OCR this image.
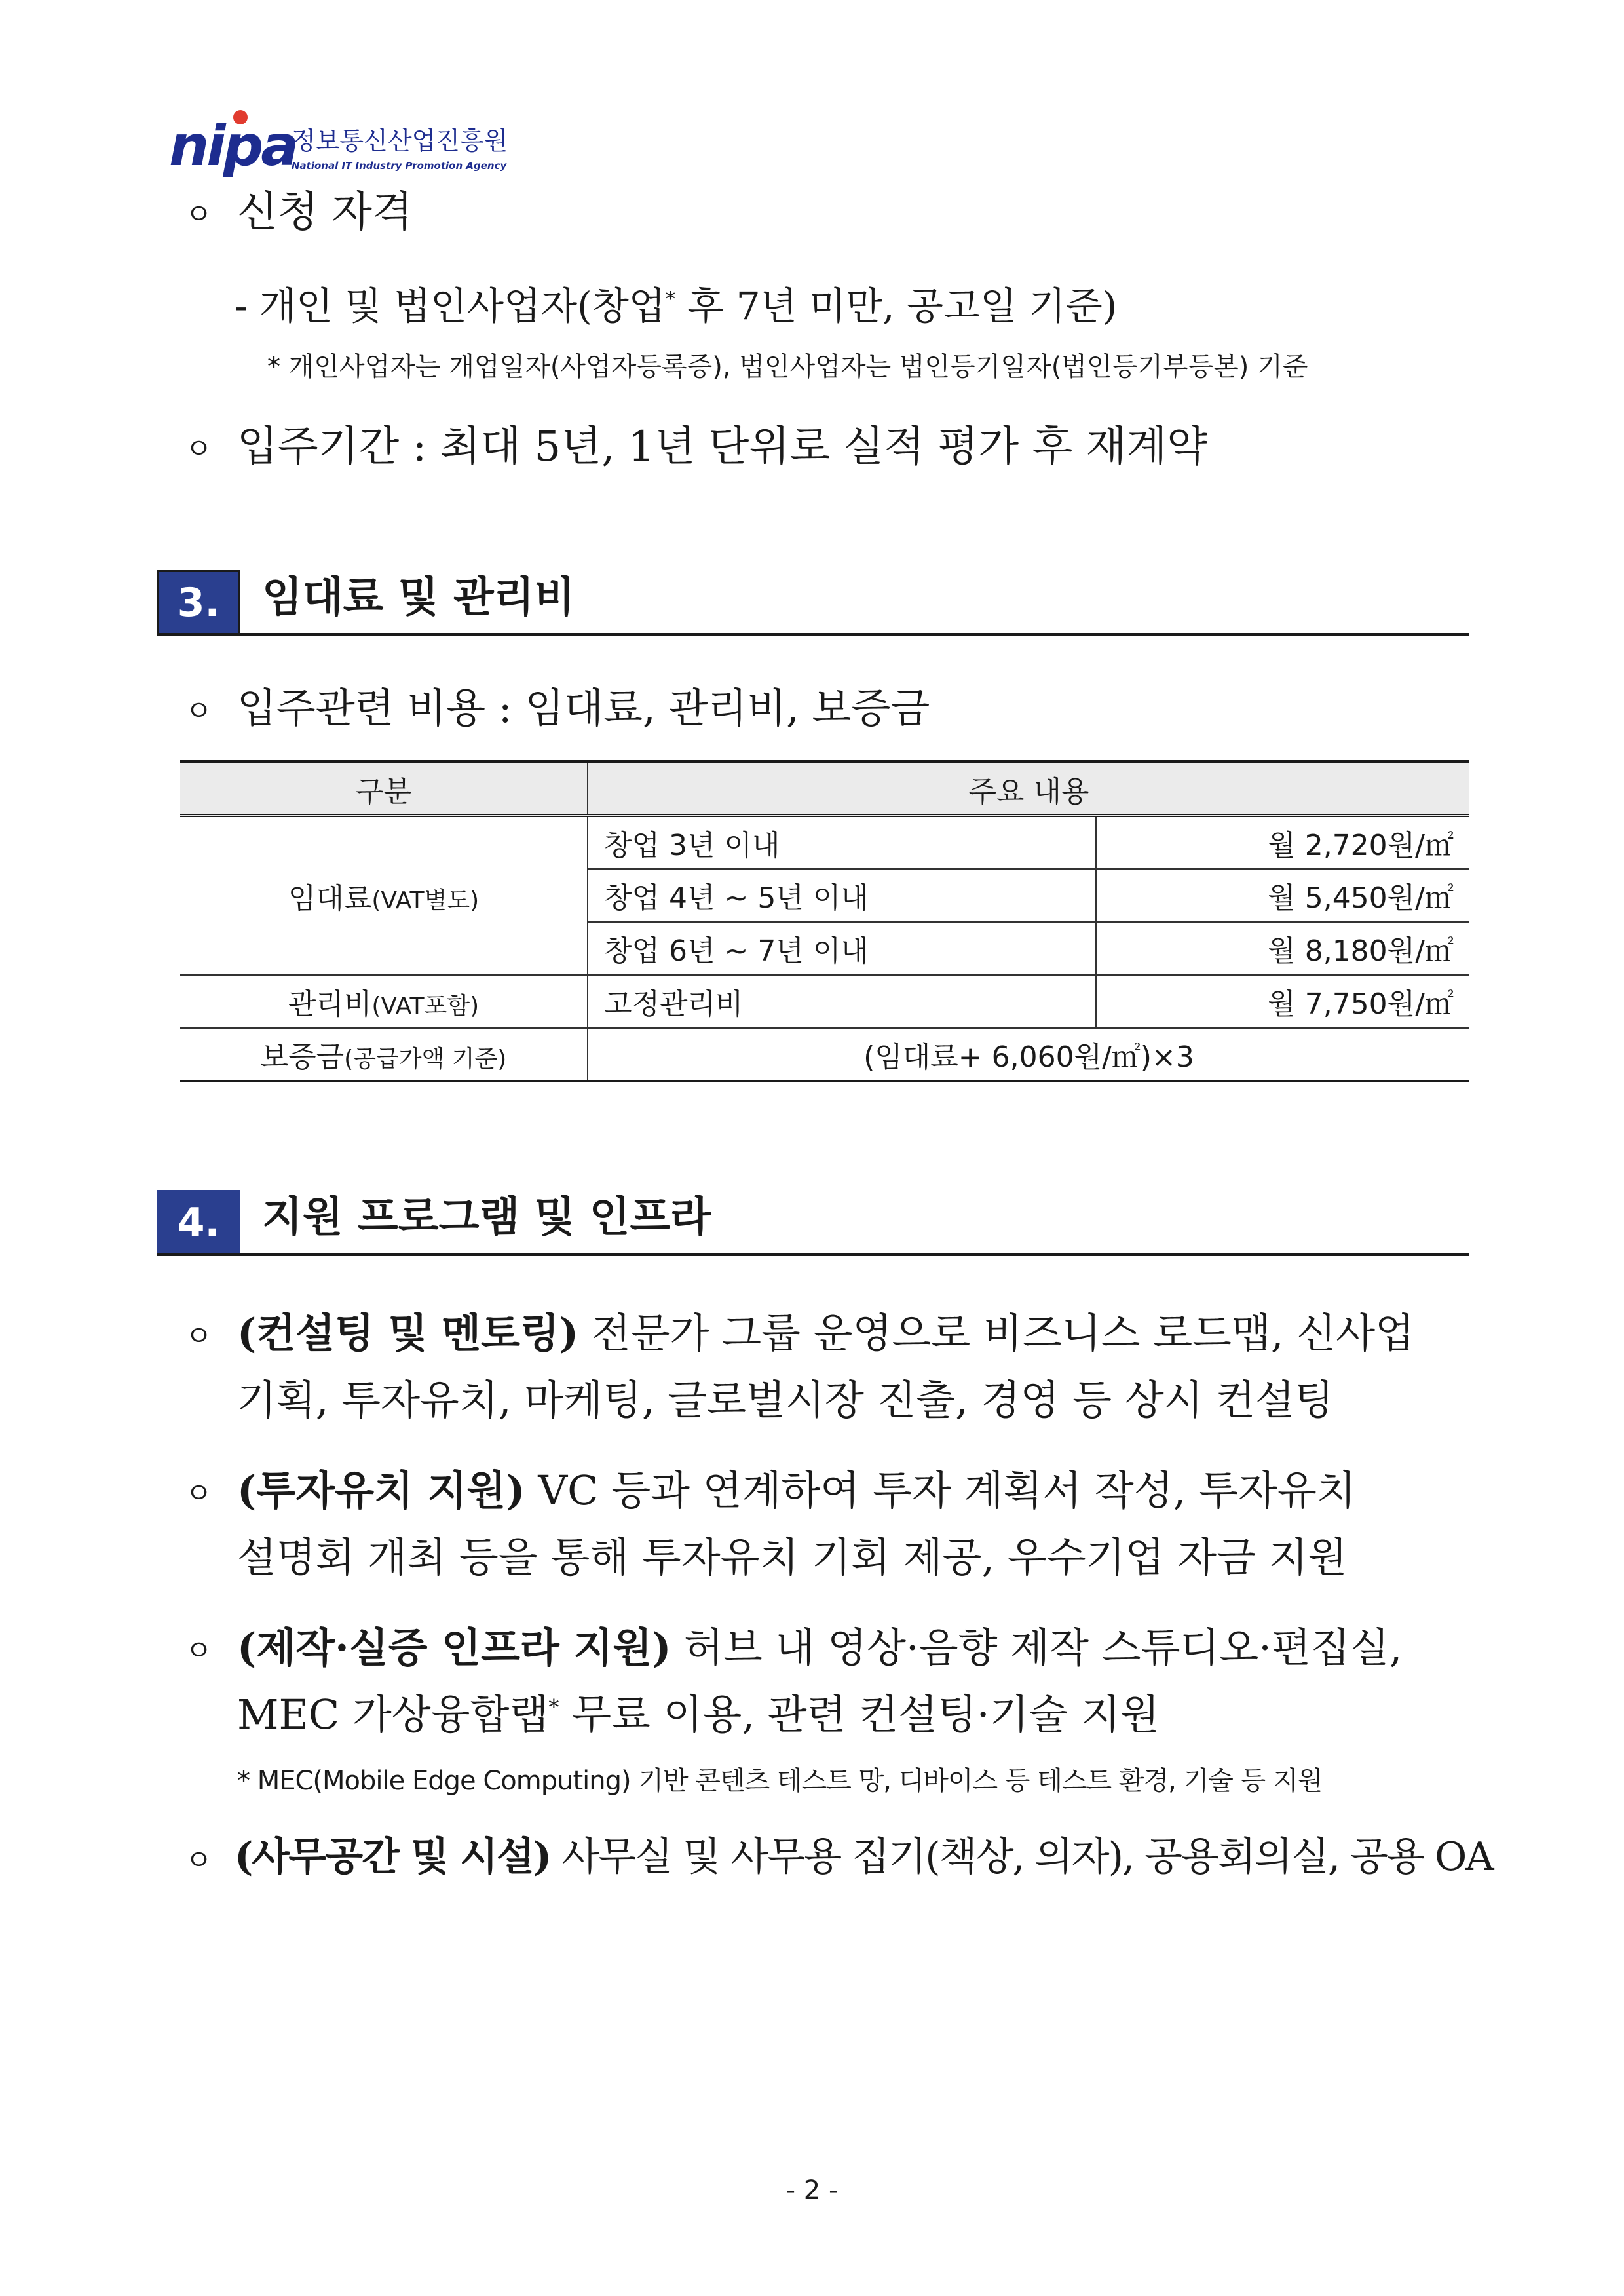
nipa
정보통신산업진흥원
National IT Industry Promotion Agency
ㅇ 신청 자격
- 개인 및 법인사업자(창업* 후 7년 미만, 공고일 기준)
* 개인사업자는 개업일자(사업자등록증), 법인사업자는 법인등기일자(법인등기부등본) 기준
ㅇ 입주기간 : 최대 5년, 1년 단위로 실적 평가 후 재계약
3.	임대료 및 관리비
ㅇ 입주관련 비용 : 임대료, 관리비, 보증금
구분	주요 내용	
임대료(VAT별도)	창업 3년 이내	월 2,720원/㎡
	창업 4년 ~ 5년 이내	월 5,450원/㎡
	창업 6년 ~ 7년 이내	월 8,180원/㎡
관리비(VAT포함)	고정관리비	월 7,750원/㎡
보증금(공급가액 기준)	(임대료+ 6,060원/㎡)×3	
4.	지원 프로그램 및 인프라
ㅇ (컨설팅 및 멘토링) 전문가 그룹 운영으로 비즈니스 로드맵, 신사업
기획, 투자유치, 마케팅, 글로벌시장 진출, 경영 등 상시 컨설팅
ㅇ (투자유치 지원) VC 등과 연계하여 투자 계획서 작성, 투자유치
설명회 개최 등을 통해 투자유치 기회 제공, 우수기업 자금 지원
ㅇ (제작·실증 인프라 지원) 허브 내 영상·음향 제작 스튜디오·편집실,
MEC 가상융합랩* 무료 이용, 관련 컨설팅·기술 지원
* MEC(Mobile Edge Computing) 기반 콘텐츠 테스트 망, 디바이스 등 테스트 환경, 기술 등 지원
ㅇ (사무공간 및 시설) 사무실 및 사무용 집기(책상, 의자), 공용회의실, 공용 OA
- 2 -
